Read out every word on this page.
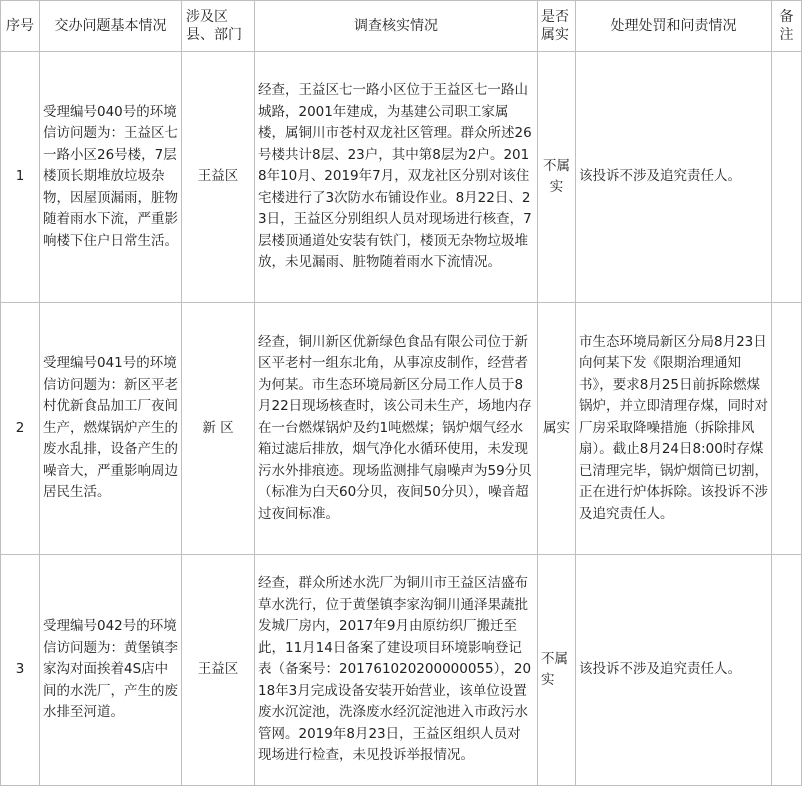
序号	交办问题基本情况	涉及区县、部门	调查核实情况	是否属实	处理处罚和问责情况	备注
1	受理编号040号的环境信访问题为：王益区七一路小区26号楼，7层楼顶长期堆放垃圾杂物，因屋顶漏雨，脏物随着雨水下流，严重影响楼下住户日常生活。	王益区	经查，王益区七一路小区位于王益区七一路山城路，2001年建成，为基建公司职工家属楼，属铜川市苍村双龙社区管理。群众所述26号楼共计8层、23户，其中第8层为2户。2018年10月、2019年7月，双龙社区分别对该住宅楼进行了3次防水布铺设作业。8月22日、23日，王益区分别组织人员对现场进行核查，7层楼顶通道处安装有铁门，楼顶无杂物垃圾堆放，未见漏雨、脏物随着雨水下流情况。	不属实	该投诉不涉及追究责任人。	
2	受理编号041号的环境信访问题为：新区平老村优新食品加工厂夜间生产，燃煤锅炉产生的废水乱排，设备产生的噪音大，严重影响周边居民生活。	新 区	经查，铜川新区优新绿色食品有限公司位于新区平老村一组东北角，从事凉皮制作，经营者为何某。市生态环境局新区分局工作人员于8月22日现场核查时，该公司未生产，场地内存在一台燃煤锅炉及约1吨燃煤；锅炉烟气经水箱过滤后排放，烟气净化水循环使用，未发现污水外排痕迹。现场监测排气扇噪声为59分贝（标准为白天60分贝，夜间50分贝），噪音超过夜间标准。	属实	市生态环境局新区分局8月23日向何某下发《限期治理通知书》，要求8月25日前拆除燃煤锅炉，并立即清理存煤，同时对厂房采取降噪措施（拆除排风扇）。截止8月24日8:00时存煤已清理完毕，锅炉烟筒已切割，正在进行炉体拆除。该投诉不涉及追究责任人。	
3	受理编号042号的环境信访问题为：黄堡镇李家沟对面挨着4S店中间的水洗厂，产生的废水排至河道。	王益区	经查，群众所述水洗厂为铜川市王益区洁盛布草水洗行，位于黄堡镇李家沟铜川通泽果蔬批发城厂房内，2017年9月由原纺织厂搬迁至此，11月14日备案了建设项目环境影响登记表（备案号：201761020200000055），2018年3月完成设备安装开始营业，该单位设置废水沉淀池，洗涤废水经沉淀池进入市政污水管网。2019年8月23日，王益区组织人员对现场进行检查，未见投诉举报情况。	不属实	该投诉不涉及追究责任人。	
